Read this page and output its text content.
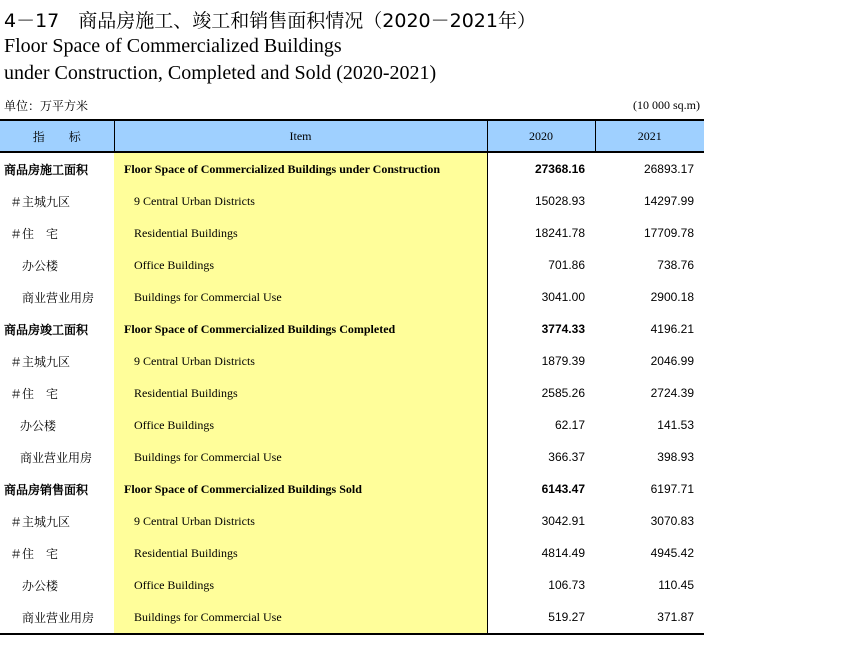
4－17　商品房施工、竣工和销售面积情况（2020－2021年）
Floor Space of Commercialized Buildings
under Construction, Completed and Sold (2020-2021)
单位：万平方米	(10 000 sq.m)
指　　标	Item	2020	2021
商品房施工面积	Floor Space of Commercialized Buildings under Construction	27368.16	26893.17
＃主城九区	9 Central Urban Districts	15028.93	14297.99
＃住　宅	Residential Buildings	18241.78	17709.78
办公楼	Office Buildings	701.86	738.76
商业营业用房	Buildings for Commercial Use	3041.00	2900.18
商品房竣工面积	Floor Space of Commercialized Buildings Completed	3774.33	4196.21
＃主城九区	9 Central Urban Districts	1879.39	2046.99
＃住　宅	Residential Buildings	2585.26	2724.39
办公楼	Office Buildings	62.17	141.53
商业营业用房	Buildings for Commercial Use	366.37	398.93
商品房销售面积	Floor Space of Commercialized Buildings Sold	6143.47	6197.71
＃主城九区	9 Central Urban Districts	3042.91	3070.83
＃住　宅	Residential Buildings	4814.49	4945.42
办公楼	Office Buildings	106.73	110.45
商业营业用房	Buildings for Commercial Use	519.27	371.87
